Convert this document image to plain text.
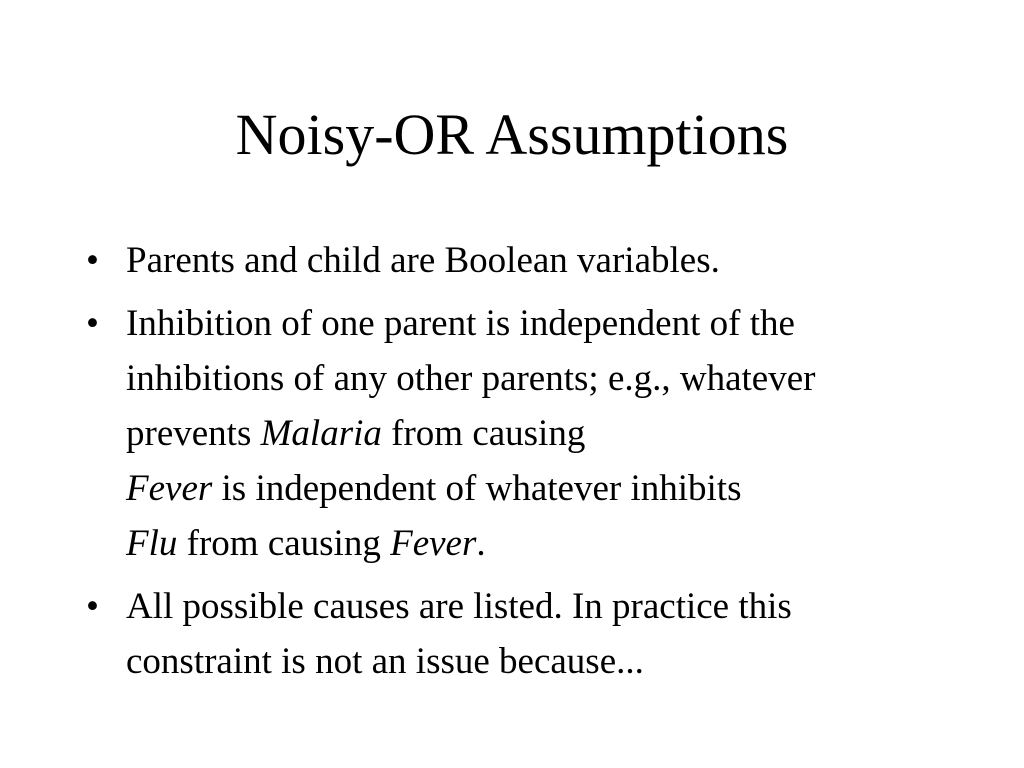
Noisy-OR Assumptions
• Parents and child are Boolean variables.
• Inhibition of one parent is independent of the inhibitions of any other parents; e.g., whatever prevents Malaria from causing
Fever is independent of whatever inhibits
Flu from causing Fever.
• All possible causes are listed. In practice this constraint is not an issue because...
